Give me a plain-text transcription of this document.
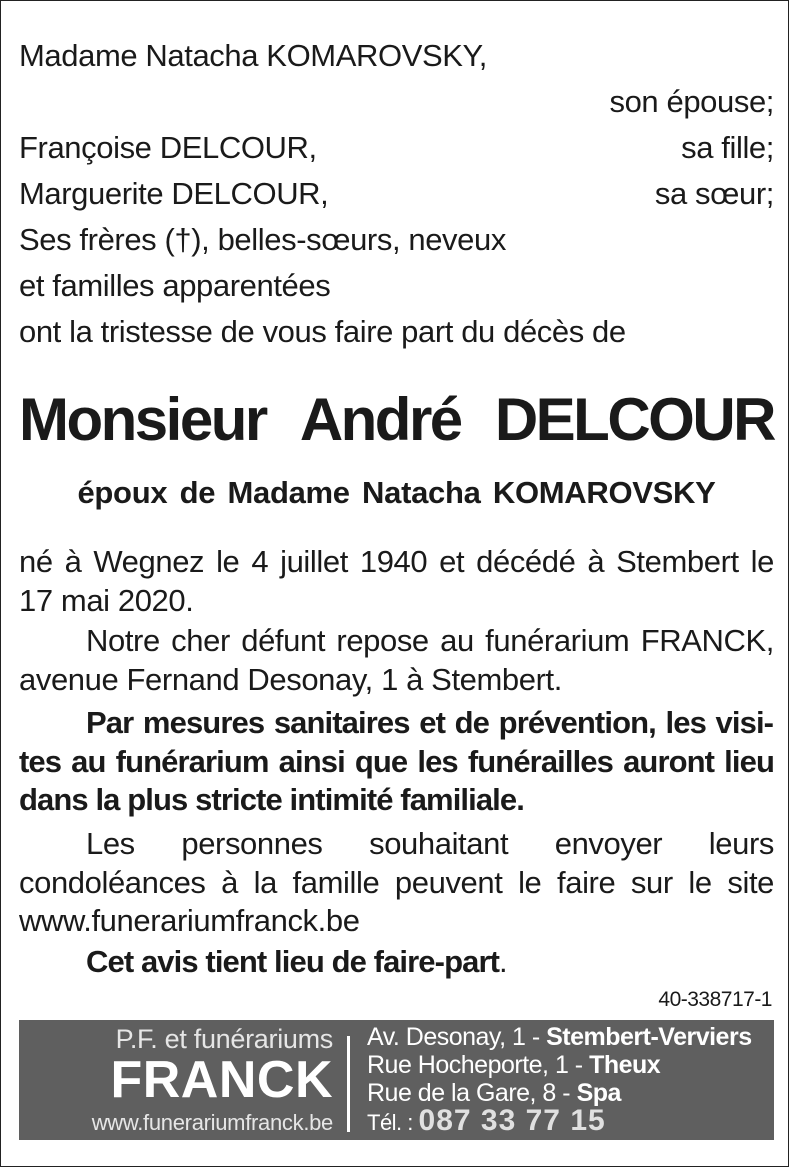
Madame Natacha KOMAROVSKY,
son épouse;
Françoise DELCOUR,	sa fille;
Marguerite DELCOUR,	sa sœur;
Ses frères (†), belles-sœurs, neveux
et familles apparentées
ont la tristesse de vous faire part du décès de
Monsieur André DELCOUR
époux de Madame Natacha KOMAROVSKY
né à Wegnez le 4 juillet 1940 et décédé à Stembert le 17 mai 2020.
Notre cher défunt repose au funérarium FRANCK, avenue Fernand Desonay, 1 à Stembert.
Par mesures sanitaires et de prévention, les visites au funérarium ainsi que les funérailles auront lieu dans la plus stricte intimité familiale.
Les personnes souhaitant envoyer leurs condoléances à la famille peuvent le faire sur le site www.funerariumfranck.be
Cet avis tient lieu de faire-part.
40-338717-1
P.F. et funérariums
FRANCK
www.funerariumfranck.be
Av. Desonay, 1 - Stembert-Verviers
Rue Hocheporte, 1 - Theux
Rue de la Gare, 8 - Spa
Tél. : 087 33 77 15
